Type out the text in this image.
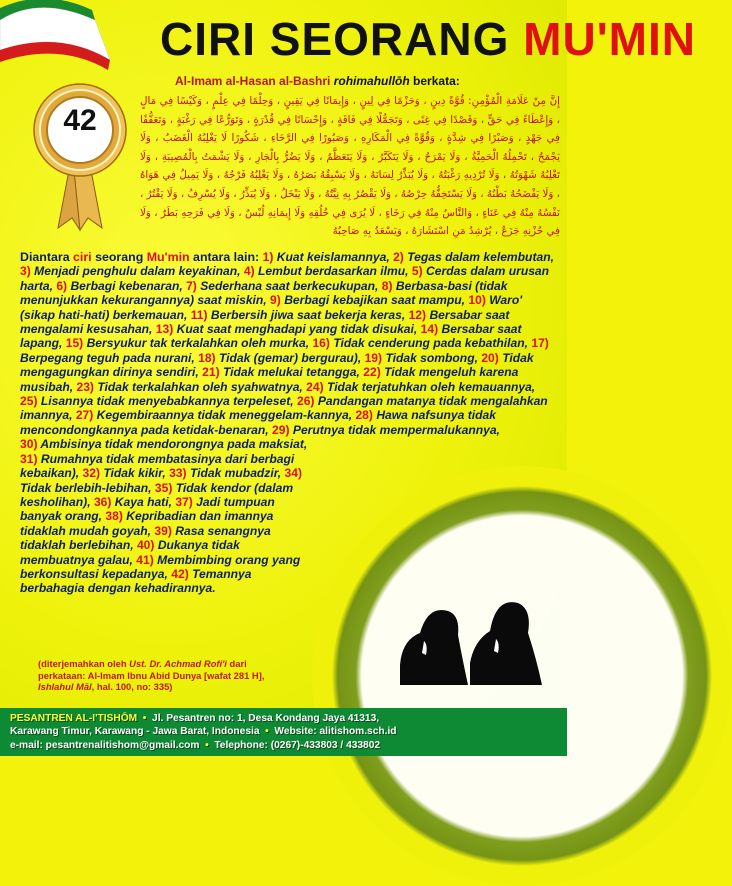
42
CIRI SEORANG MU'MIN
Al-Imam al-Hasan al-Bashri rohimahullōh berkata:
إِنَّ مِنْ عَلَامَةِ الْمُؤْمِنِ: قُوَّةً دِينٍ ، وَحَزْمًا فِي لِينٍ ، وَإِيمَانًا فِي يَقِينٍ ، وَحِلْمًا فِي عِلْمٍ ، وَكَيْسًا فِي مَالٍ ، وَإِعْطَاءً فِي حَقٍّ ، وَقَصْدًا فِي غِنًى ، وَتَجَمُّلًا فِي فَاقَةٍ ، وَإِحْسَانًا فِي قُدْرَةٍ ، وَتَوَرُّعًا فِي رَغْبَةٍ ، وَتَعَفُّفًا فِي جَهْدٍ ، وَصَبْرًا فِي شِدَّةٍ ، وَقُوَّةً فِي الْمَكَارِهِ ، وَصَبُورًا فِي الرَّخَاءِ ، شَكُورًا لَا يَغْلِبُهُ الْغَضَبُ ، وَلَا يَجْمَحُ ، تَحْمِلُهُ الْحَمِيَّةُ ، وَلَا يَمْرَحُ ، وَلَا يَتَكَبَّرُ ، وَلَا يَتَعَظَّمُ ، وَلَا يَضُرُّ بِالْجَارِ ، وَلَا يَشْمَتُ بِالْمُصِيبَةِ ، وَلَا تَغْلِبُهُ شَهْوَتُهُ ، وَلَا تُرْدِيهِ رَغْبَتُهُ ، وَلَا يُبَذِّرُ لِسَانَهُ ، وَلَا يَسْبِقُهُ بَصَرُهُ ، وَلَا يَغْلِبُهُ فَرْجُهُ ، وَلَا يَمِيلُ فِي هَوَاهُ ، وَلَا يَفْضَحُهُ بَطْنُهُ ، وَلَا يَسْتَخِفُّهُ حِرْصُهُ ، وَلَا يَقْصُرُ بِهِ نِيَّتُهُ ، وَلَا يَبْخَلُ ، وَلَا يُبَذِّرُ ، وَلَا يُسْرِفُ ، وَلَا يَقْتُرُ ، نَفْسُهُ مِنْهُ فِي عَنَاءٍ ، وَالنَّاسُ مِنْهُ فِي رَخَاءٍ ، لَا يُرَى فِي خُلُقِهِ وَلَا إِيمَانِهِ لُبْسٌ ، وَلَا فِي فَرَحِهِ بَطَرٌ ، وَلَا فِي حُزْنِهِ جَزَعٌ ، يُرْشِدُ مَنِ اسْتَشَارَهُ ، وَيَسْعَدُ بِهِ صَاحِبُهُ
Diantara ciri seorang Mu'min antara lain: 1) Kuat keislamannya, 2) Tegas dalam kelembutan, 3) Menjadi penghulu dalam keyakinan, 4) Lembut berdasarkan ilmu, 5) Cerdas dalam urusan harta, 6) Berbagi kebenaran, 7) Sederhana saat berkecukupan, 8) Berbasa-basi (tidak menunjukkan kekurangannya) saat miskin, 9) Berbagi kebajikan saat mampu, 10) Waro' (sikap hati-hati) berkemauan, 11) Berbersih jiwa saat bekerja keras, 12) Bersabar saat mengalami kesusahan, 13) Kuat saat menghadapi yang tidak disukai, 14) Bersabar saat lapang, 15) Bersyukur tak terkalahkan oleh murka, 16) Tidak cenderung pada kebathilan, 17) Berpegang teguh pada nurani, 18) Tidak (gemar) bergurau), 19) Tidak sombong, 20) Tidak mengagungkan dirinya sendiri, 21) Tidak melukai tetangga, 22) Tidak mengeluh karena musibah, 23) Tidak terkalahkan oleh syahwatnya, 24) Tidak terjatuhkan oleh kemauannya, 25) Lisannya tidak menyebabkannya terpeleset, 26) Pandangan matanya tidak mengalahkan imannya, 27) Kegembiraannya tidak meneggelam-kannya, 28) Hawa nafsunya tidak mencondongkannya pada ketidak-benaran, 29) Perutnya tidak mempermalukannya,
30) Ambisinya tidak mendorongnya pada maksiat, 31) Rumahnya tidak membatasinya dari berbagi kebaikan), 32) Tidak kikir, 33) Tidak mubadzir, 34) Tidak berlebih-lebihan, 35) Tidak kendor (dalam kesholihan), 36) Kaya hati, 37) Jadi tumpuan banyak orang, 38) Kepribadian dan imannya tidaklah mudah goyah, 39) Rasa senangnya tidaklah berlebihan, 40) Dukanya tidak membuatnya galau, 41) Membimbing orang yang berkonsultasi kepadanya, 42) Temannya berbahagia dengan kehadirannya.
(diterjemahkan oleh Ust. Dr. Achmad Rofi'i dari
perkataan: Al-Imam Ibnu Abid Dunya [wafat 281 H],
Ishlahul Māl, hal. 100, no: 335)
PESANTREN AL-I'TISHŌM  •  Jl. Pesantren no: 1, Desa Kondang Jaya 41313,
Karawang Timur, Karawang - Jawa Barat, Indonesia  •  Website: alitishom.sch.id
e-mail: pesantrenalitishom@gmail.com  •  Telephone: (0267)-433803 / 433802
